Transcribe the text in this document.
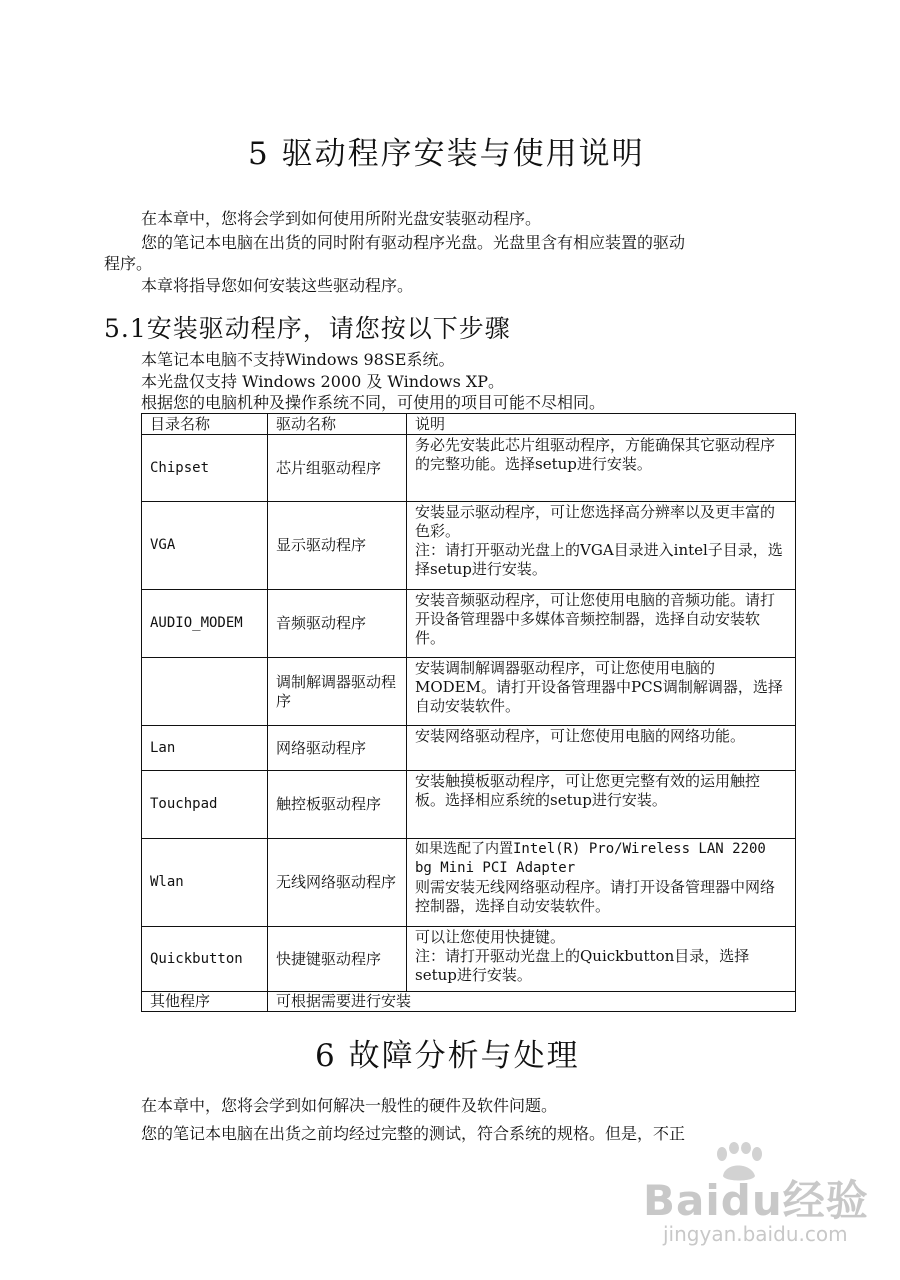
5 驱动程序安装与使用说明
在本章中，您将会学到如何使用所附光盘安装驱动程序。
您的笔记本电脑在出货的同时附有驱动程序光盘。光盘里含有相应装置的驱动
程序。
本章将指导您如何安装这些驱动程序。
5.1安装驱动程序，请您按以下步骤
本笔记本电脑不支持Windows 98SE系统。
本光盘仅支持 Windows 2000 及 Windows XP。
根据您的电脑机种及操作系统不同，可使用的项目可能不尽相同。
目录名称	驱动名称	说明
Chipset	芯片组驱动程序	务必先安装此芯片组驱动程序，方能确保其它驱动程序的完整功能。选择setup进行安装。

VGA	显示驱动程序	安装显示驱动程序，可让您选择高分辨率以及更丰富的色彩。
注：请打开驱动光盘上的VGA目录进入intel子目录，选择setup进行安装。

AUDIO_MODEM	音频驱动程序	安装音频驱动程序，可让您使用电脑的音频功能。请打开设备管理器中多媒体音频控制器，选择自动安装软件。

	调制解调器驱动程序	安装调制解调器驱动程序，可让您使用电脑的MODEM。请打开设备管理器中PCS调制解调器，选择自动安装软件。

Lan	网络驱动程序	安装网络驱动程序，可让您使用电脑的网络功能。

Touchpad	触控板驱动程序	安装触摸板驱动程序，可让您更完整有效的运用触控板。选择相应系统的setup进行安装。

Wlan	无线网络驱动程序	如果选配了内置Intel(R) Pro/Wireless LAN 2200 bg Mini PCI Adapter
则需安装无线网络驱动程序。请打开设备管理器中网络控制器，选择自动安装软件。

Quickbutton	快捷键驱动程序	可以让您使用快捷键。
注：请打开驱动光盘上的Quickbutton目录，选择setup进行安装。

其他程序	可根据需要进行安装	
6 故障分析与处理
在本章中，您将会学到如何解决一般性的硬件及软件问题。
您的笔记本电脑在出货之前均经过完整的测试，符合系统的规格。但是，不正
Baidu经验
jingyan.baidu.com
